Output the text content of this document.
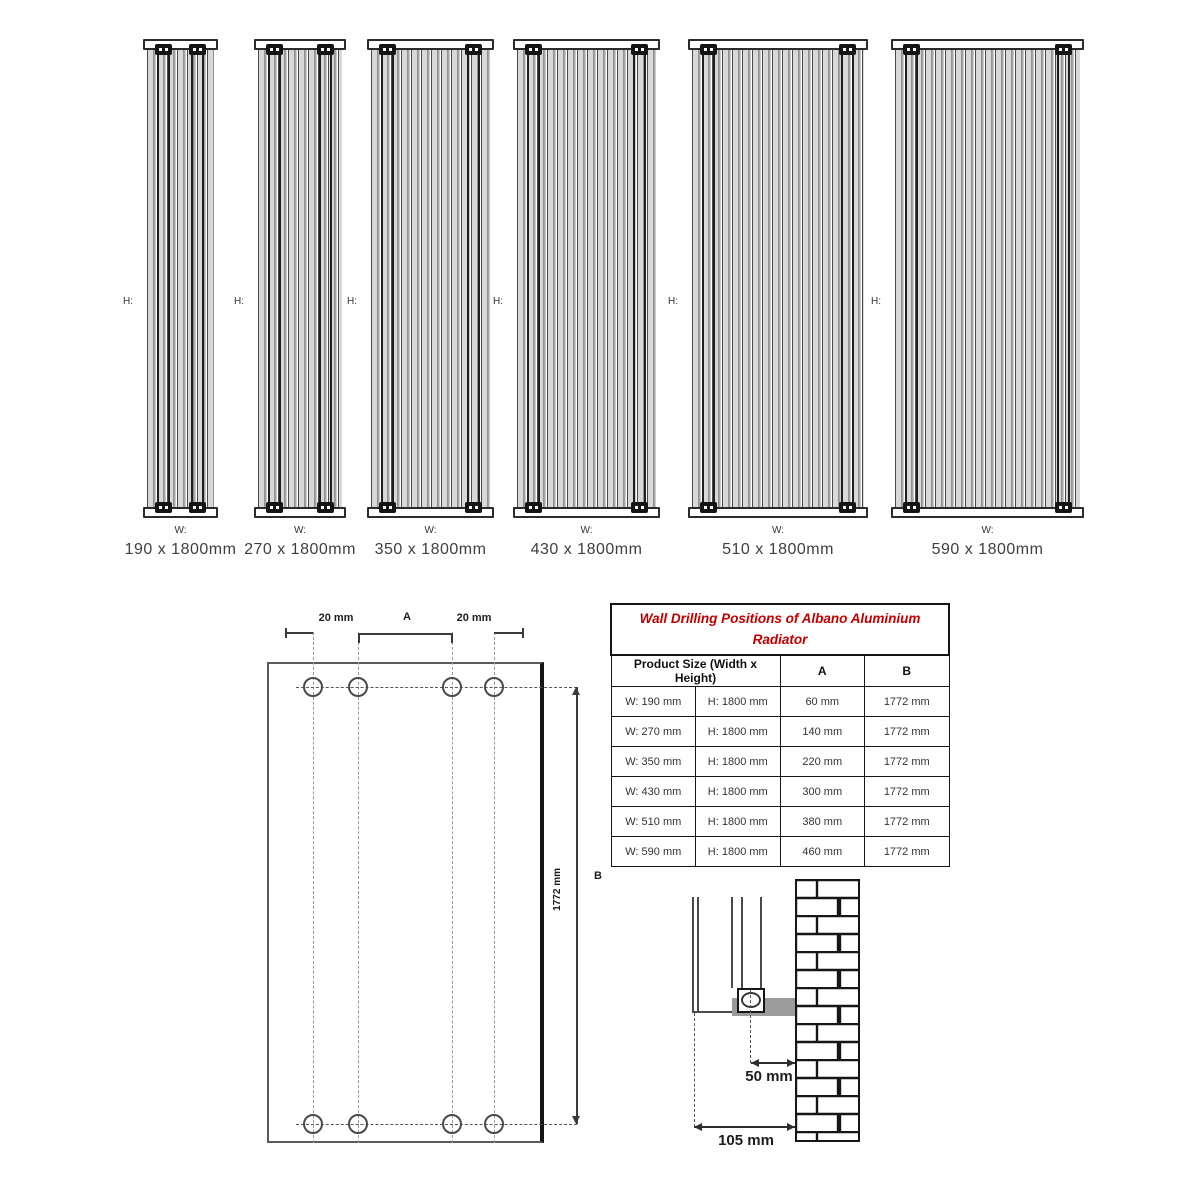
H:
W:
190 x 1800mm
H:
W:
270 x 1800mm
H:
W:
350 x 1800mm
H:
W:
430 x 1800mm
H:
W:
510 x 1800mm
H:
W:
590 x 1800mm
20 mm	A	20 mm
1772 mm	B
Wall Drilling Positions of Albano Aluminium Radiator			
Product Size (Width x Height)		A	B
W: 190 mm	H: 1800 mm	60 mm	1772 mm
W: 270 mm	H: 1800 mm	140 mm	1772 mm
W: 350 mm	H: 1800 mm	220 mm	1772 mm
W: 430 mm	H: 1800 mm	300 mm	1772 mm
W: 510 mm	H: 1800 mm	380 mm	1772 mm
W: 590 mm	H: 1800 mm	460 mm	1772 mm
50 mm
105 mm
